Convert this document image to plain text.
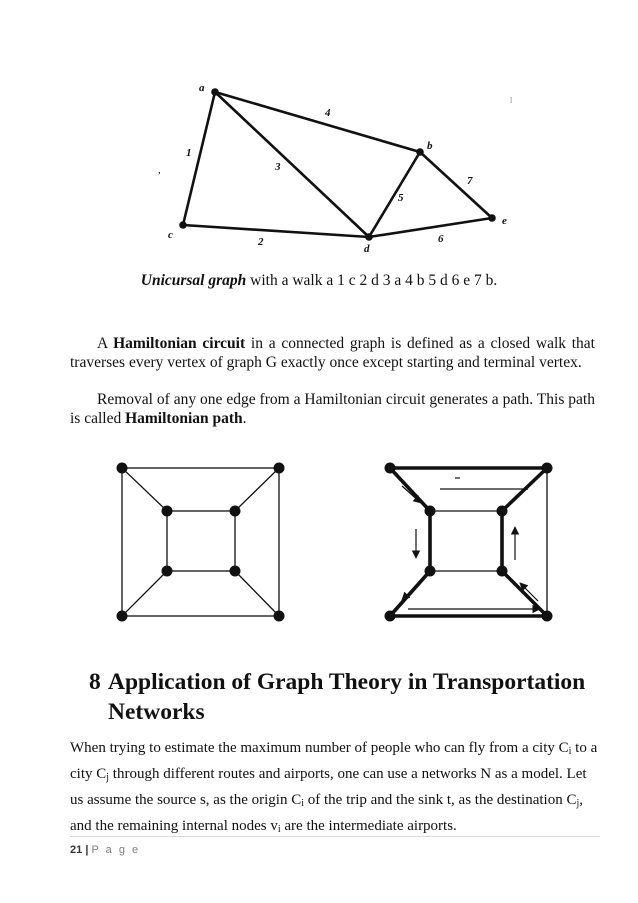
a
b
c
d
e
1
2
3
4
5
6
7
,
l
Unicursal graph with a walk a 1 c 2 d 3 a 4 b 5 d 6 e 7 b.
A Hamiltonian circuit in a connected graph is defined as a closed walk that traverses every vertex of graph G exactly once except starting and terminal vertex.
Removal of any one edge from a Hamiltonian circuit generates a path. This path is called Hamiltonian path.
8 Application of Graph Theory in Transportation
Networks
When trying to estimate the maximum number of people who can fly from a city $C_i$ to a city $C_j$ through different routes and airports, one can use a networks N as a model. Let us assume the source s, as the origin $C_i$ of the trip and the sink t, as the destination $C_j$, and the remaining internal nodes $v_i$ are the intermediate airports.
21 | P a g e
